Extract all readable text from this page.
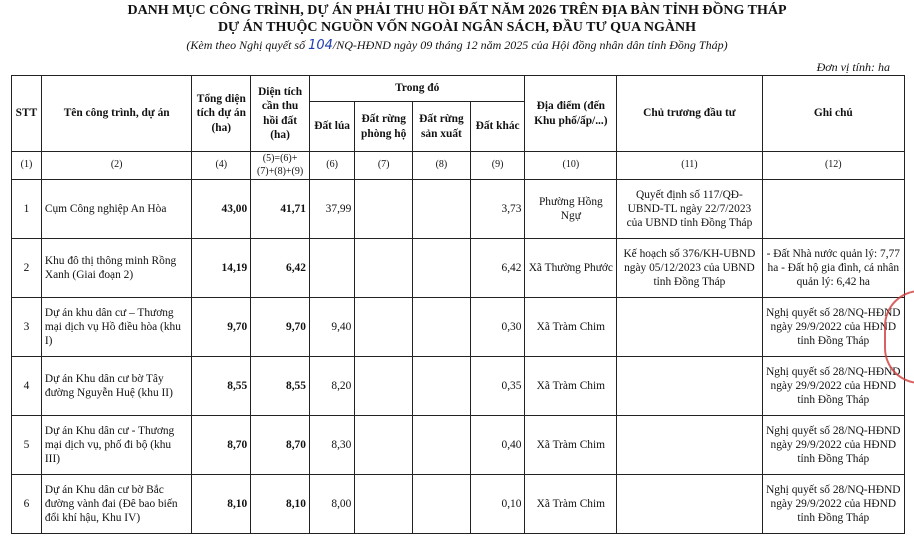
DANH MỤC CÔNG TRÌNH, DỰ ÁN PHẢI THU HỒI ĐẤT NĂM 2026 TRÊN ĐỊA BÀN TỈNH ĐỒNG THÁP
DỰ ÁN THUỘC NGUỒN VỐN NGOÀI NGÂN SÁCH, ĐẦU TƯ QUA NGÀNH
(Kèm theo Nghị quyết số 104/NQ-HĐND ngày 09 tháng 12 năm 2025 của Hội đồng nhân dân tỉnh Đồng Tháp)
Đơn vị tính: ha
STT	Tên công trình, dự án	Tổng diện tích dự án (ha)	Diện tích cần thu hồi đất (ha)	Trong đó				Địa điểm (đến Khu phố/ấp/...)	Chủ trương đầu tư	Ghi chú
				Đất lúa	Đất rừng phòng hộ	Đất rừng sản xuất	Đất khác			
(1)	(2)	(4)	(5)=(6)+(7)+(8)+(9)	(6)	(7)	(8)	(9)	(10)	(11)	(12)
1	Cụm Công nghiệp An Hòa	43,00	41,71	37,99			3,73	Phường Hồng Ngự	Quyết định số 117/QĐ-UBND-TL ngày 22/7/2023 của UBND tỉnh Đồng Tháp	
2	Khu đô thị thông minh Rồng Xanh (Giai đoạn 2)	14,19	6,42				6,42	Xã Thường Phước	Kế hoạch số 376/KH-UBND ngày 05/12/2023 của UBND tỉnh Đồng Tháp	- Đất Nhà nước quản lý: 7,77 ha - Đất hộ gia đình, cá nhân quản lý: 6,42 ha
3	Dự án khu dân cư – Thương mại dịch vụ Hồ điều hòa (khu I)	9,70	9,70	9,40			0,30	Xã Tràm Chim		Nghị quyết số 28/NQ-HĐND ngày 29/9/2022 của HĐND tỉnh Đồng Tháp
4	Dự án Khu dân cư bờ Tây đường Nguyễn Huệ (khu II)	8,55	8,55	8,20			0,35	Xã Tràm Chim		Nghị quyết số 28/NQ-HĐND ngày 29/9/2022 của HĐND tỉnh Đồng Tháp
5	Dự án Khu dân cư - Thương mại dịch vụ, phố đi bộ (khu III)	8,70	8,70	8,30			0,40	Xã Tràm Chim		Nghị quyết số 28/NQ-HĐND ngày 29/9/2022 của HĐND tỉnh Đồng Tháp
6	Dự án Khu dân cư bờ Bắc đường vành đai (Đê bao biến đổi khí hậu, Khu IV)	8,10	8,10	8,00			0,10	Xã Tràm Chim		Nghị quyết số 28/NQ-HĐND ngày 29/9/2022 của HĐND tỉnh Đồng Tháp
